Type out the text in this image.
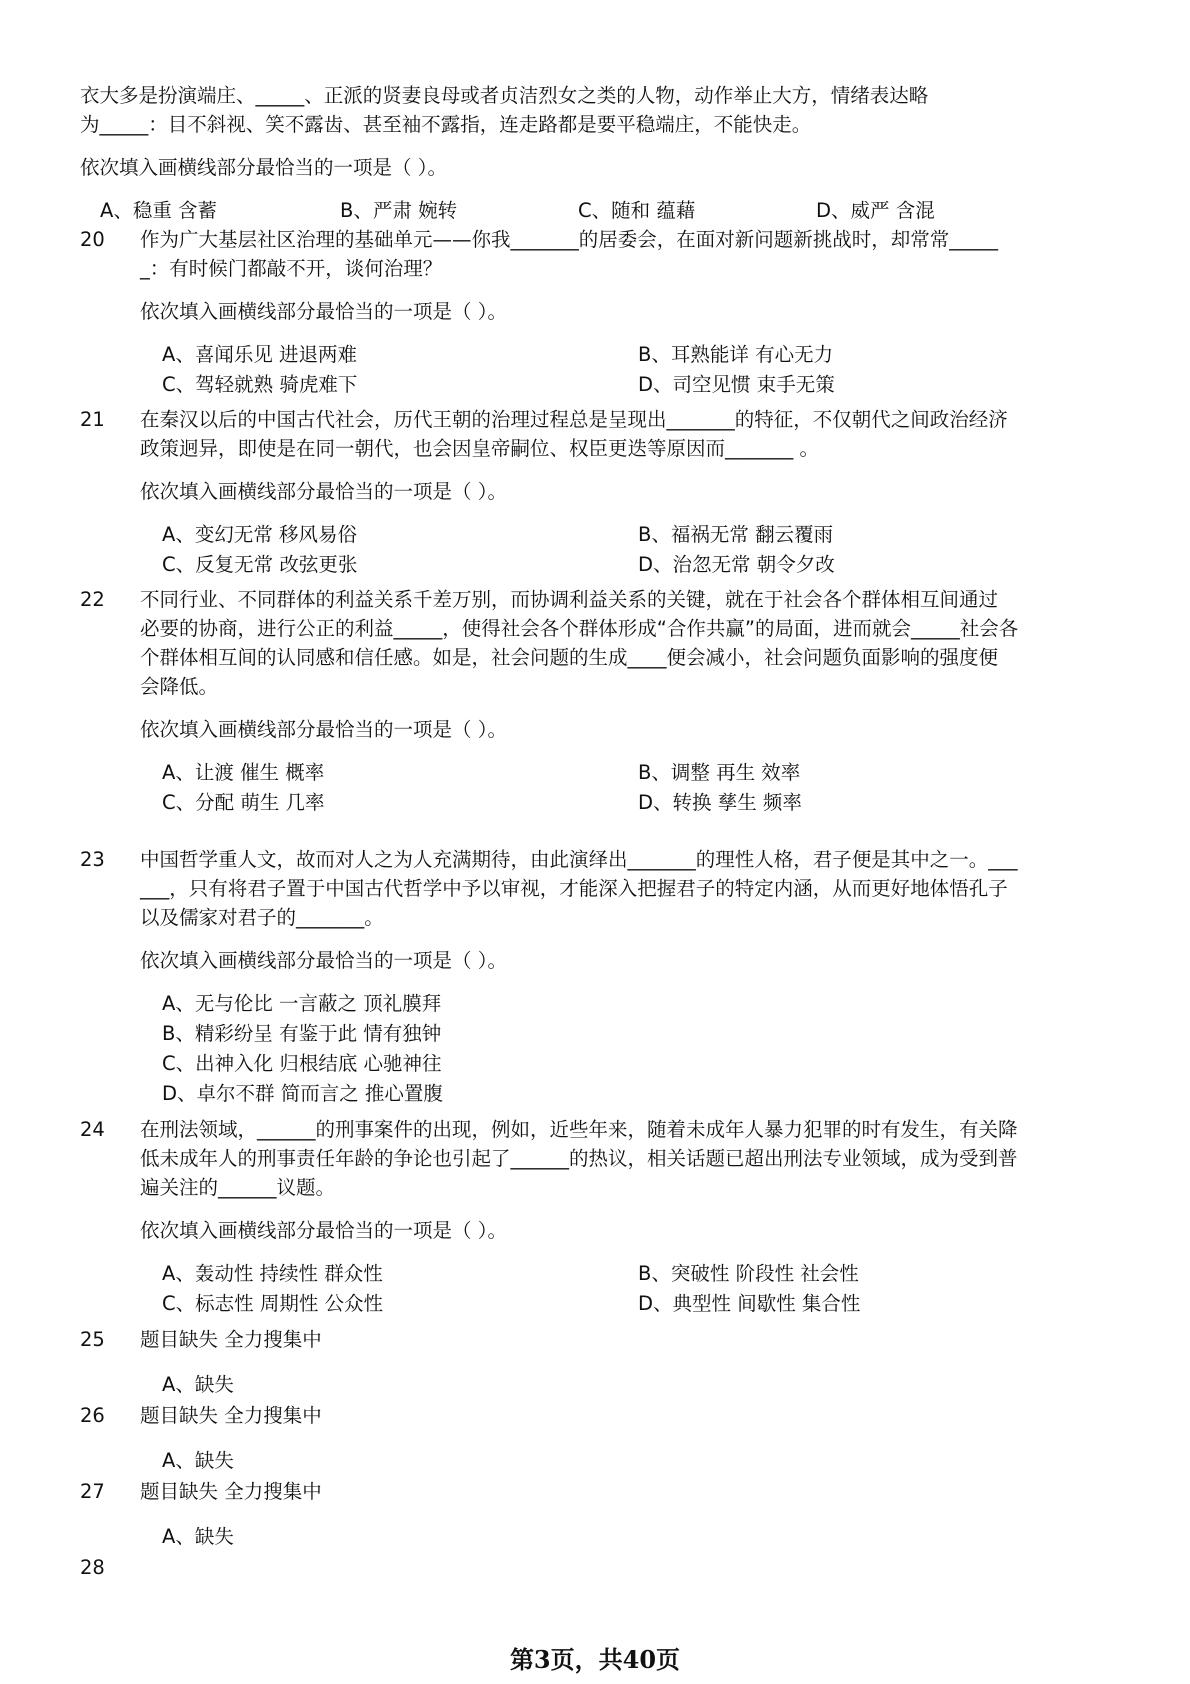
衣大多是扮演端庄、_____、正派的贤妻良母或者贞洁烈女之类的人物，动作举止大方，情绪表达略
为_____：目不斜视、笑不露齿、甚至袖不露指，连走路都是要平稳端庄，不能快走。
依次填入画横线部分最恰当的一项是（ ）。
A、稳重 含蓄	B、严肃 婉转	C、随和 蕴藉	D、威严 含混
20 作为广大基层社区治理的基础单元——你我_______的居委会，在面对新问题新挑战时，却常常_____
_：有时候门都敲不开，谈何治理？
依次填入画横线部分最恰当的一项是（ ）。
A、喜闻乐见 进退两难	B、耳熟能详 有心无力
C、驾轻就熟 骑虎难下	D、司空见惯 束手无策
21 在秦汉以后的中国古代社会，历代王朝的治理过程总是呈现出_______的特征，不仅朝代之间政治经济
政策迥异，即使是在同一朝代，也会因皇帝嗣位、权臣更迭等原因而_______ 。
依次填入画横线部分最恰当的一项是（ ）。
A、变幻无常 移风易俗	B、福祸无常 翻云覆雨
C、反复无常 改弦更张	D、治忽无常 朝令夕改
22 不同行业、不同群体的利益关系千差万别，而协调利益关系的关键，就在于社会各个群体相互间通过
必要的协商，进行公正的利益_____，使得社会各个群体形成“合作共赢”的局面，进而就会_____社会各
个群体相互间的认同感和信任感。如是，社会问题的生成____便会减小，社会问题负面影响的强度便
会降低。
依次填入画横线部分最恰当的一项是（ ）。
A、让渡 催生 概率	B、调整 再生 效率
C、分配 萌生 几率	D、转换 孳生 频率
23 中国哲学重人文，故而对人之为人充满期待，由此演绎出_______的理性人格，君子便是其中之一。___
___，只有将君子置于中国古代哲学中予以审视，才能深入把握君子的特定内涵，从而更好地体悟孔子
以及儒家对君子的_______。
依次填入画横线部分最恰当的一项是（ ）。
A、无与伦比 一言蔽之 顶礼膜拜
B、精彩纷呈 有鉴于此 情有独钟
C、出神入化 归根结底 心驰神往
D、卓尔不群 简而言之 推心置腹
24 在刑法领域，______的刑事案件的出现，例如，近些年来，随着未成年人暴力犯罪的时有发生，有关降
低未成年人的刑事责任年龄的争论也引起了______的热议，相关话题已超出刑法专业领域，成为受到普
遍关注的______议题。
依次填入画横线部分最恰当的一项是（ ）。
A、轰动性 持续性 群众性	B、突破性 阶段性 社会性
C、标志性 周期性 公众性	D、典型性 间歇性 集合性
25 题目缺失 全力搜集中
A、缺失
26 题目缺失 全力搜集中
A、缺失
27 题目缺失 全力搜集中
A、缺失
28
第3页，共40页
